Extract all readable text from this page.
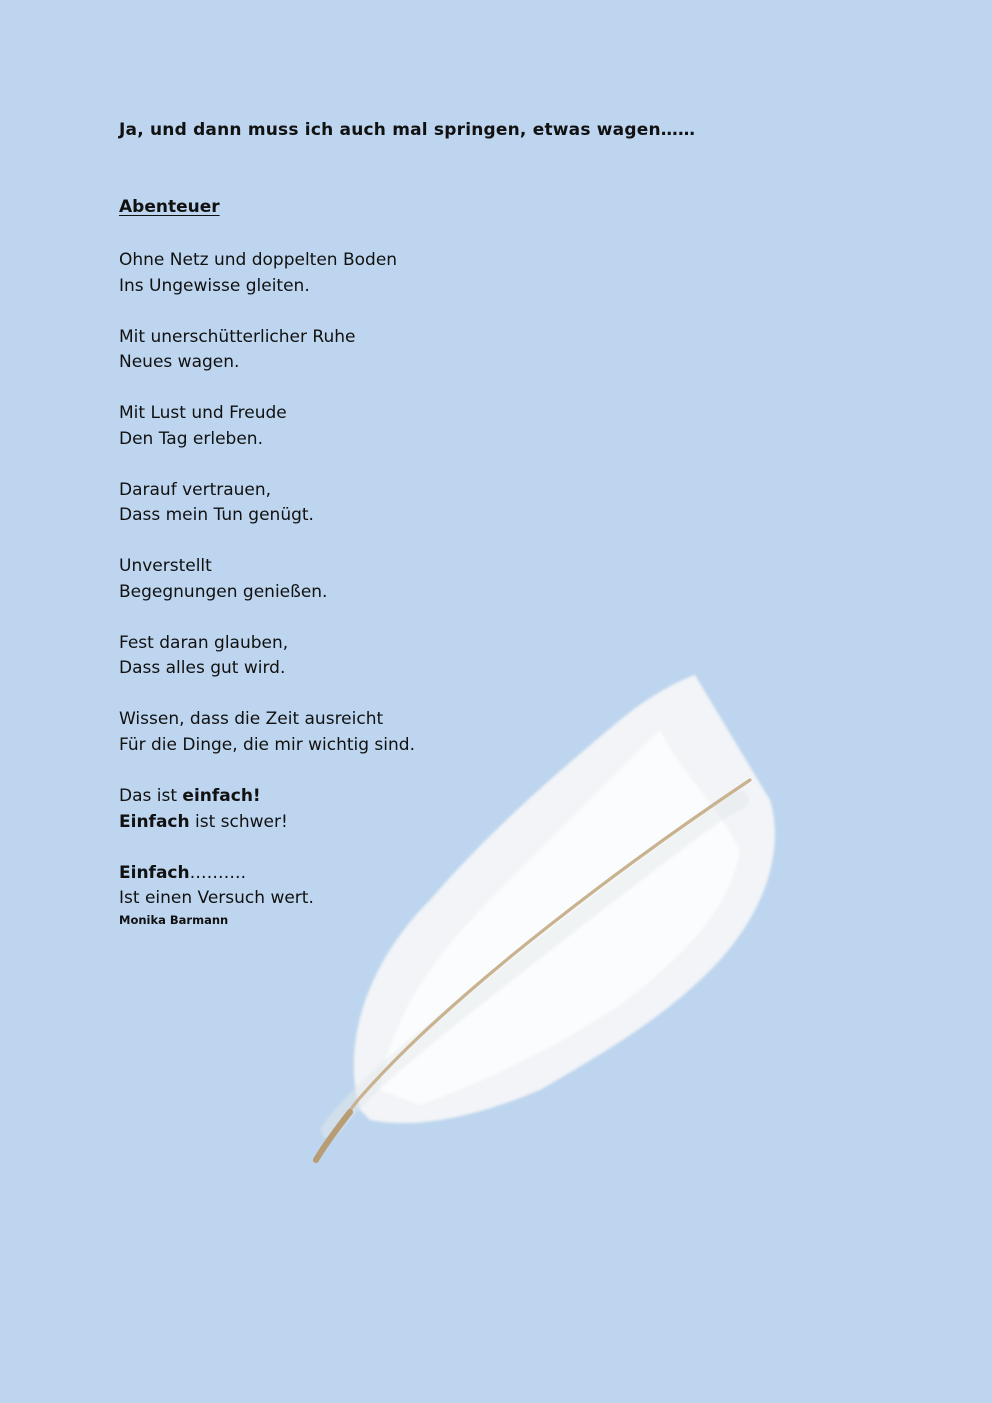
Ja, und dann muss ich auch mal springen, etwas wagen……
Abenteuer
Ohne Netz und doppelten Boden
Ins Ungewisse gleiten.
Mit unerschütterlicher Ruhe
Neues wagen.
Mit Lust und Freude
Den Tag erleben.
Darauf vertrauen,
Dass mein Tun genügt.
Unverstellt
Begegnungen genießen.
Fest daran glauben,
Dass alles gut wird.
Wissen, dass die Zeit ausreicht
Für die Dinge, die mir wichtig sind.
Das ist einfach!
Einfach ist schwer!
Einfach……….
Ist einen Versuch wert.
Monika Barmann
